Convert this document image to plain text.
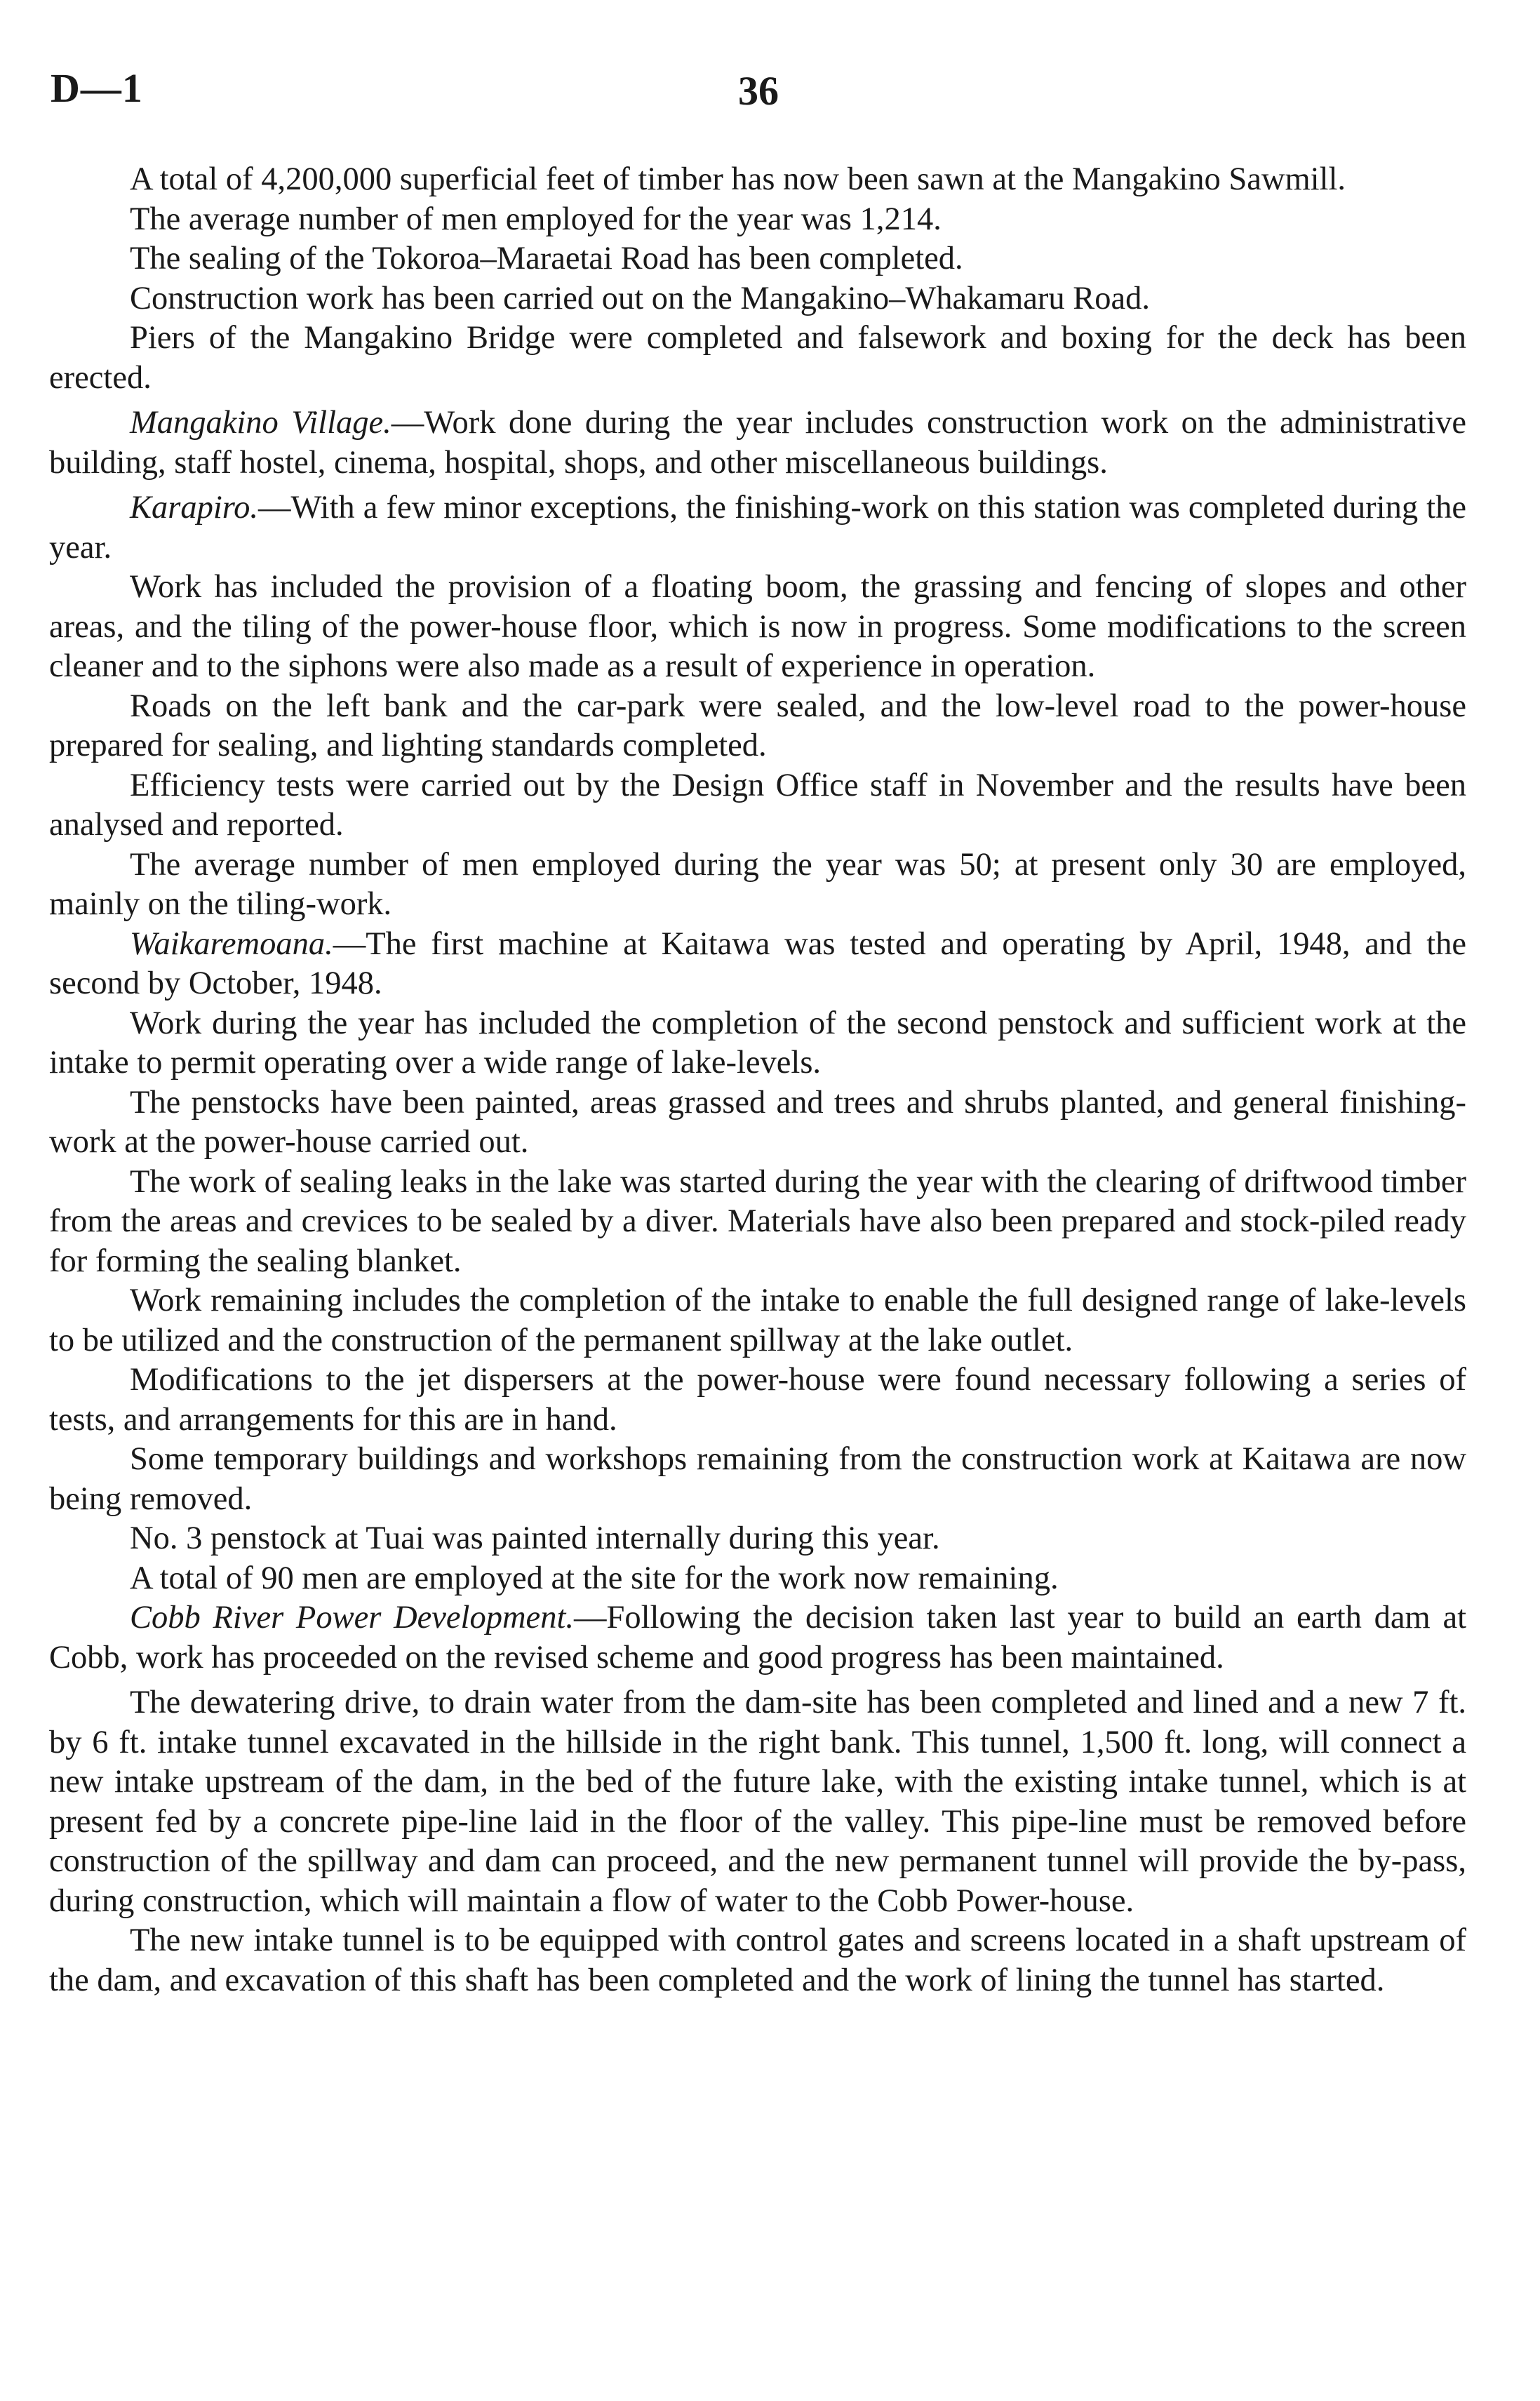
D—1	36

A total of 4,200,000 superficial feet of timber has now been sawn at the Mangakino Sawmill.

The average number of men employed for the year was 1,214.

The sealing of the Tokoroa–Maraetai Road has been completed.

Construction work has been carried out on the Mangakino–Whakamaru Road.

Piers of the Mangakino Bridge were completed and falsework and boxing for the deck has been erected.

Mangakino Village.—Work done during the year includes construction work on the administrative building, staff hostel, cinema, hospital, shops, and other miscellaneous buildings.

Karapiro.—With a few minor exceptions, the finishing-work on this station was completed during the year.

Work has included the provision of a floating boom, the grassing and fencing of slopes and other areas, and the tiling of the power-house floor, which is now in progress. Some modifications to the screen cleaner and to the siphons were also made as a result of experience in operation.

Roads on the left bank and the car-park were sealed, and the low-level road to the power-house prepared for sealing, and lighting standards completed.

Efficiency tests were carried out by the Design Office staff in November and the results have been analysed and reported.

The average number of men employed during the year was 50; at present only 30 are employed, mainly on the tiling-work.

Waikaremoana.—The first machine at Kaitawa was tested and operating by April, 1948, and the second by October, 1948.

Work during the year has included the completion of the second penstock and sufficient work at the intake to permit operating over a wide range of lake-levels.

The penstocks have been painted, areas grassed and trees and shrubs planted, and general finishing-work at the power-house carried out.

The work of sealing leaks in the lake was started during the year with the clearing of driftwood timber from the areas and crevices to be sealed by a diver. Materials have also been prepared and stock-piled ready for forming the sealing blanket.

Work remaining includes the completion of the intake to enable the full designed range of lake-levels to be utilized and the construction of the permanent spillway at the lake outlet.

Modifications to the jet dispersers at the power-house were found necessary following a series of tests, and arrangements for this are in hand.

Some temporary buildings and workshops remaining from the construction work at Kaitawa are now being removed.

No. 3 penstock at Tuai was painted internally during this year.

A total of 90 men are employed at the site for the work now remaining.

Cobb River Power Development.—Following the decision taken last year to build an earth dam at Cobb, work has proceeded on the revised scheme and good progress has been maintained.

The dewatering drive, to drain water from the dam-site has been completed and lined and a new 7 ft. by 6 ft. intake tunnel excavated in the hillside in the right bank. This tunnel, 1,500 ft. long, will connect a new intake upstream of the dam, in the bed of the future lake, with the existing intake tunnel, which is at present fed by a concrete pipe-line laid in the floor of the valley. This pipe-line must be removed before construction of the spillway and dam can proceed, and the new permanent tunnel will provide the by-pass, during construction, which will maintain a flow of water to the Cobb Power-house.

The new intake tunnel is to be equipped with control gates and screens located in a shaft upstream of the dam, and excavation of this shaft has been completed and the work of lining the tunnel has started.
